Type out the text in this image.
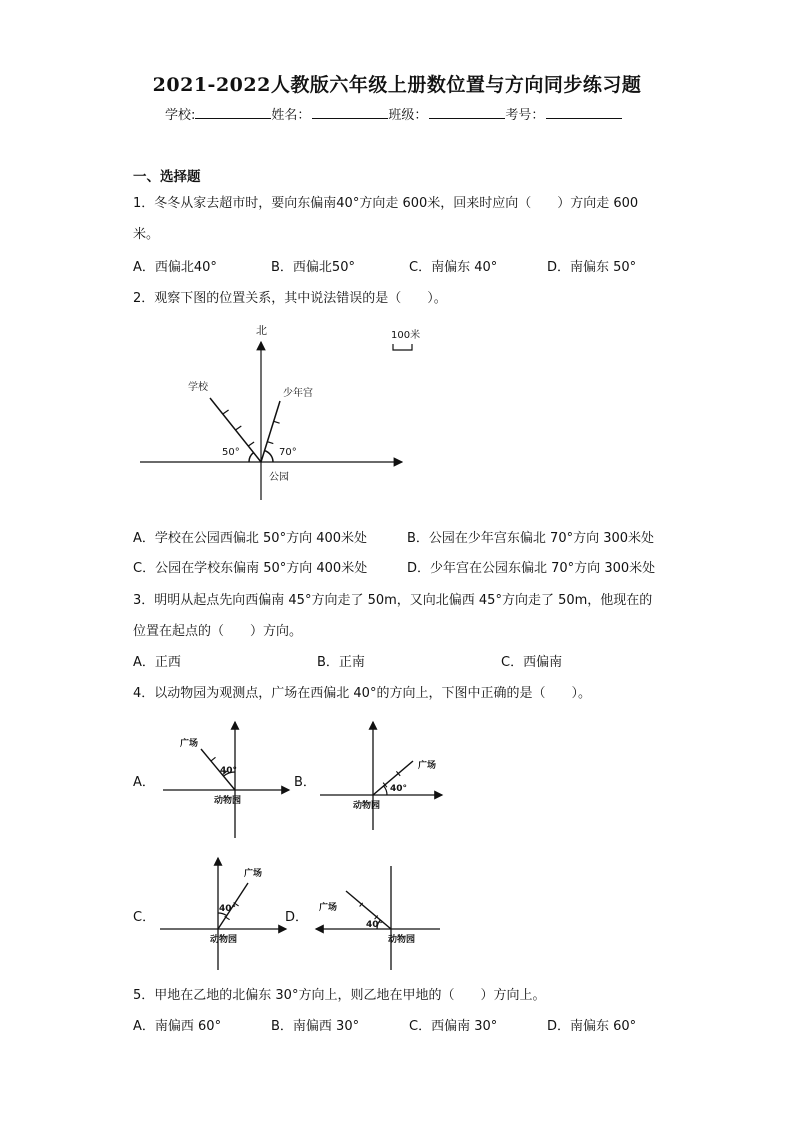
2021-2022人教版六年级上册数位置与方向同步练习题
学校:	姓名：	班级：	考号：
一、选择题
1．冬冬从家去超市时，要向东偏南40°方向走 600米，回来时应向（　　）方向走 600
米。
A．西偏北40°	B．西偏北50°	C．南偏东 40°	D．南偏东 50°
2．观察下图的位置关系，其中说法错误的是（　　）。
北	100米
学校
少年宫
50°	70°
公园
A．学校在公园西偏北 50°方向 400米处	B．公园在少年宫东偏北 70°方向 300米处
C．公园在学校东偏南 50°方向 400米处	D．少年宫在公园东偏北 70°方向 300米处
3．明明从起点先向西偏南 45°方向走了 50m，又向北偏西 45°方向走了 50m，他现在的
位置在起点的（　　）方向。
A．正西	B．正南	C．西偏南
4．以动物园为观测点，广场在西偏北 40°的方向上，下图中正确的是（　　）。
A．	B．
C．	D．
40°
广场
动物园
40°
广场
动物园
40°
广场
动物园
40°
广场
动物园
5．甲地在乙地的北偏东 30°方向上，则乙地在甲地的（　　）方向上。
A．南偏西 60°	B．南偏西 30°	C．西偏南 30°	D．南偏东 60°
